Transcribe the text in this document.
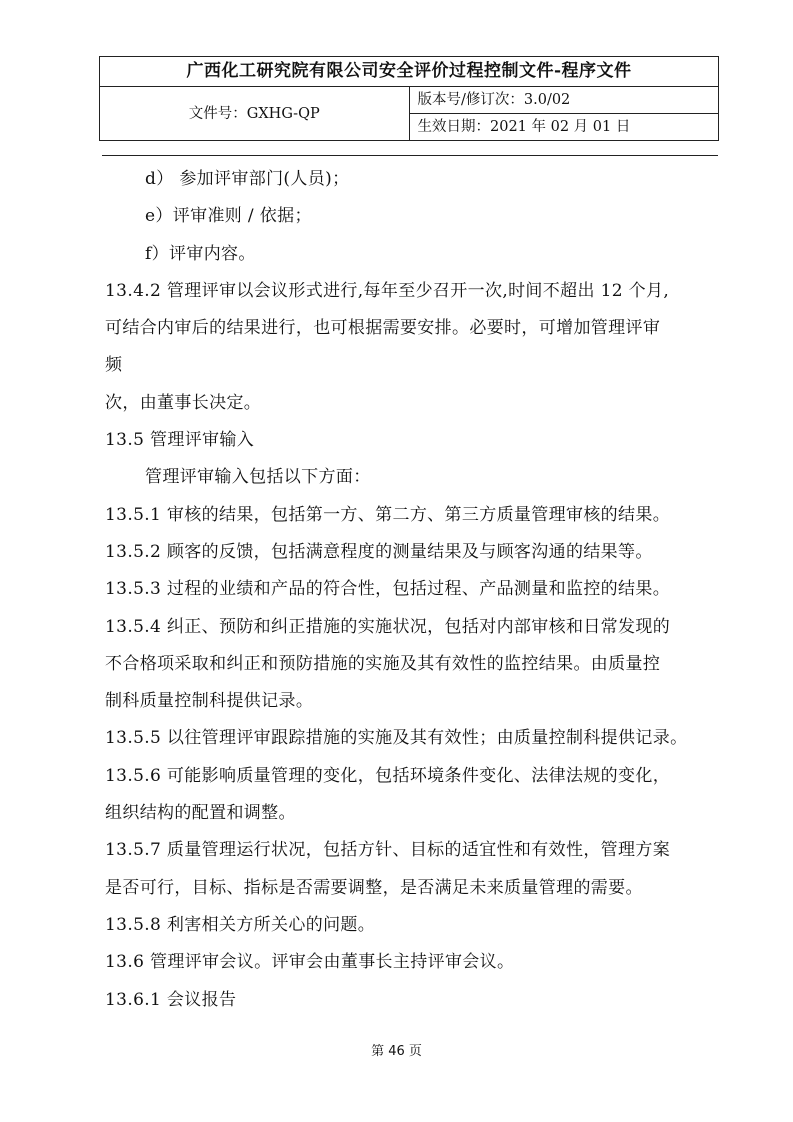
广西化工研究院有限公司安全评价过程控制文件-程序文件
文件号：GXHG-QP	版本号/修订次：3.0/02
生效日期：2021 年 02 月 01 日
d） 参加评审部门(人员)；
e）评审准则 / 依据；
f）评审内容。
13.4.2 管理评审以会议形式进行,每年至少召开一次,时间不超出 12 个月,
可结合内审后的结果进行，也可根据需要安排。必要时，可增加管理评审
频
次，由董事长决定。
13.5 管理评审输入
管理评审输入包括以下方面：
13.5.1 审核的结果，包括第一方、第二方、第三方质量管理审核的结果。
13.5.2 顾客的反馈，包括满意程度的测量结果及与顾客沟通的结果等。
13.5.3 过程的业绩和产品的符合性，包括过程、产品测量和监控的结果。
13.5.4 纠正、预防和纠正措施的实施状况，包括对内部审核和日常发现的
不合格项采取和纠正和预防措施的实施及其有效性的监控结果。由质量控
制科质量控制科提供记录。
13.5.5 以往管理评审跟踪措施的实施及其有效性；由质量控制科提供记录。
13.5.6 可能影响质量管理的变化，包括环境条件变化、法律法规的变化，
组织结构的配置和调整。
13.5.7 质量管理运行状况，包括方针、目标的适宜性和有效性，管理方案
是否可行，目标、指标是否需要调整，是否满足未来质量管理的需要。
13.5.8 利害相关方所关心的问题。
13.6 管理评审会议。评审会由董事长主持评审会议。
13.6.1 会议报告
第 46 页
